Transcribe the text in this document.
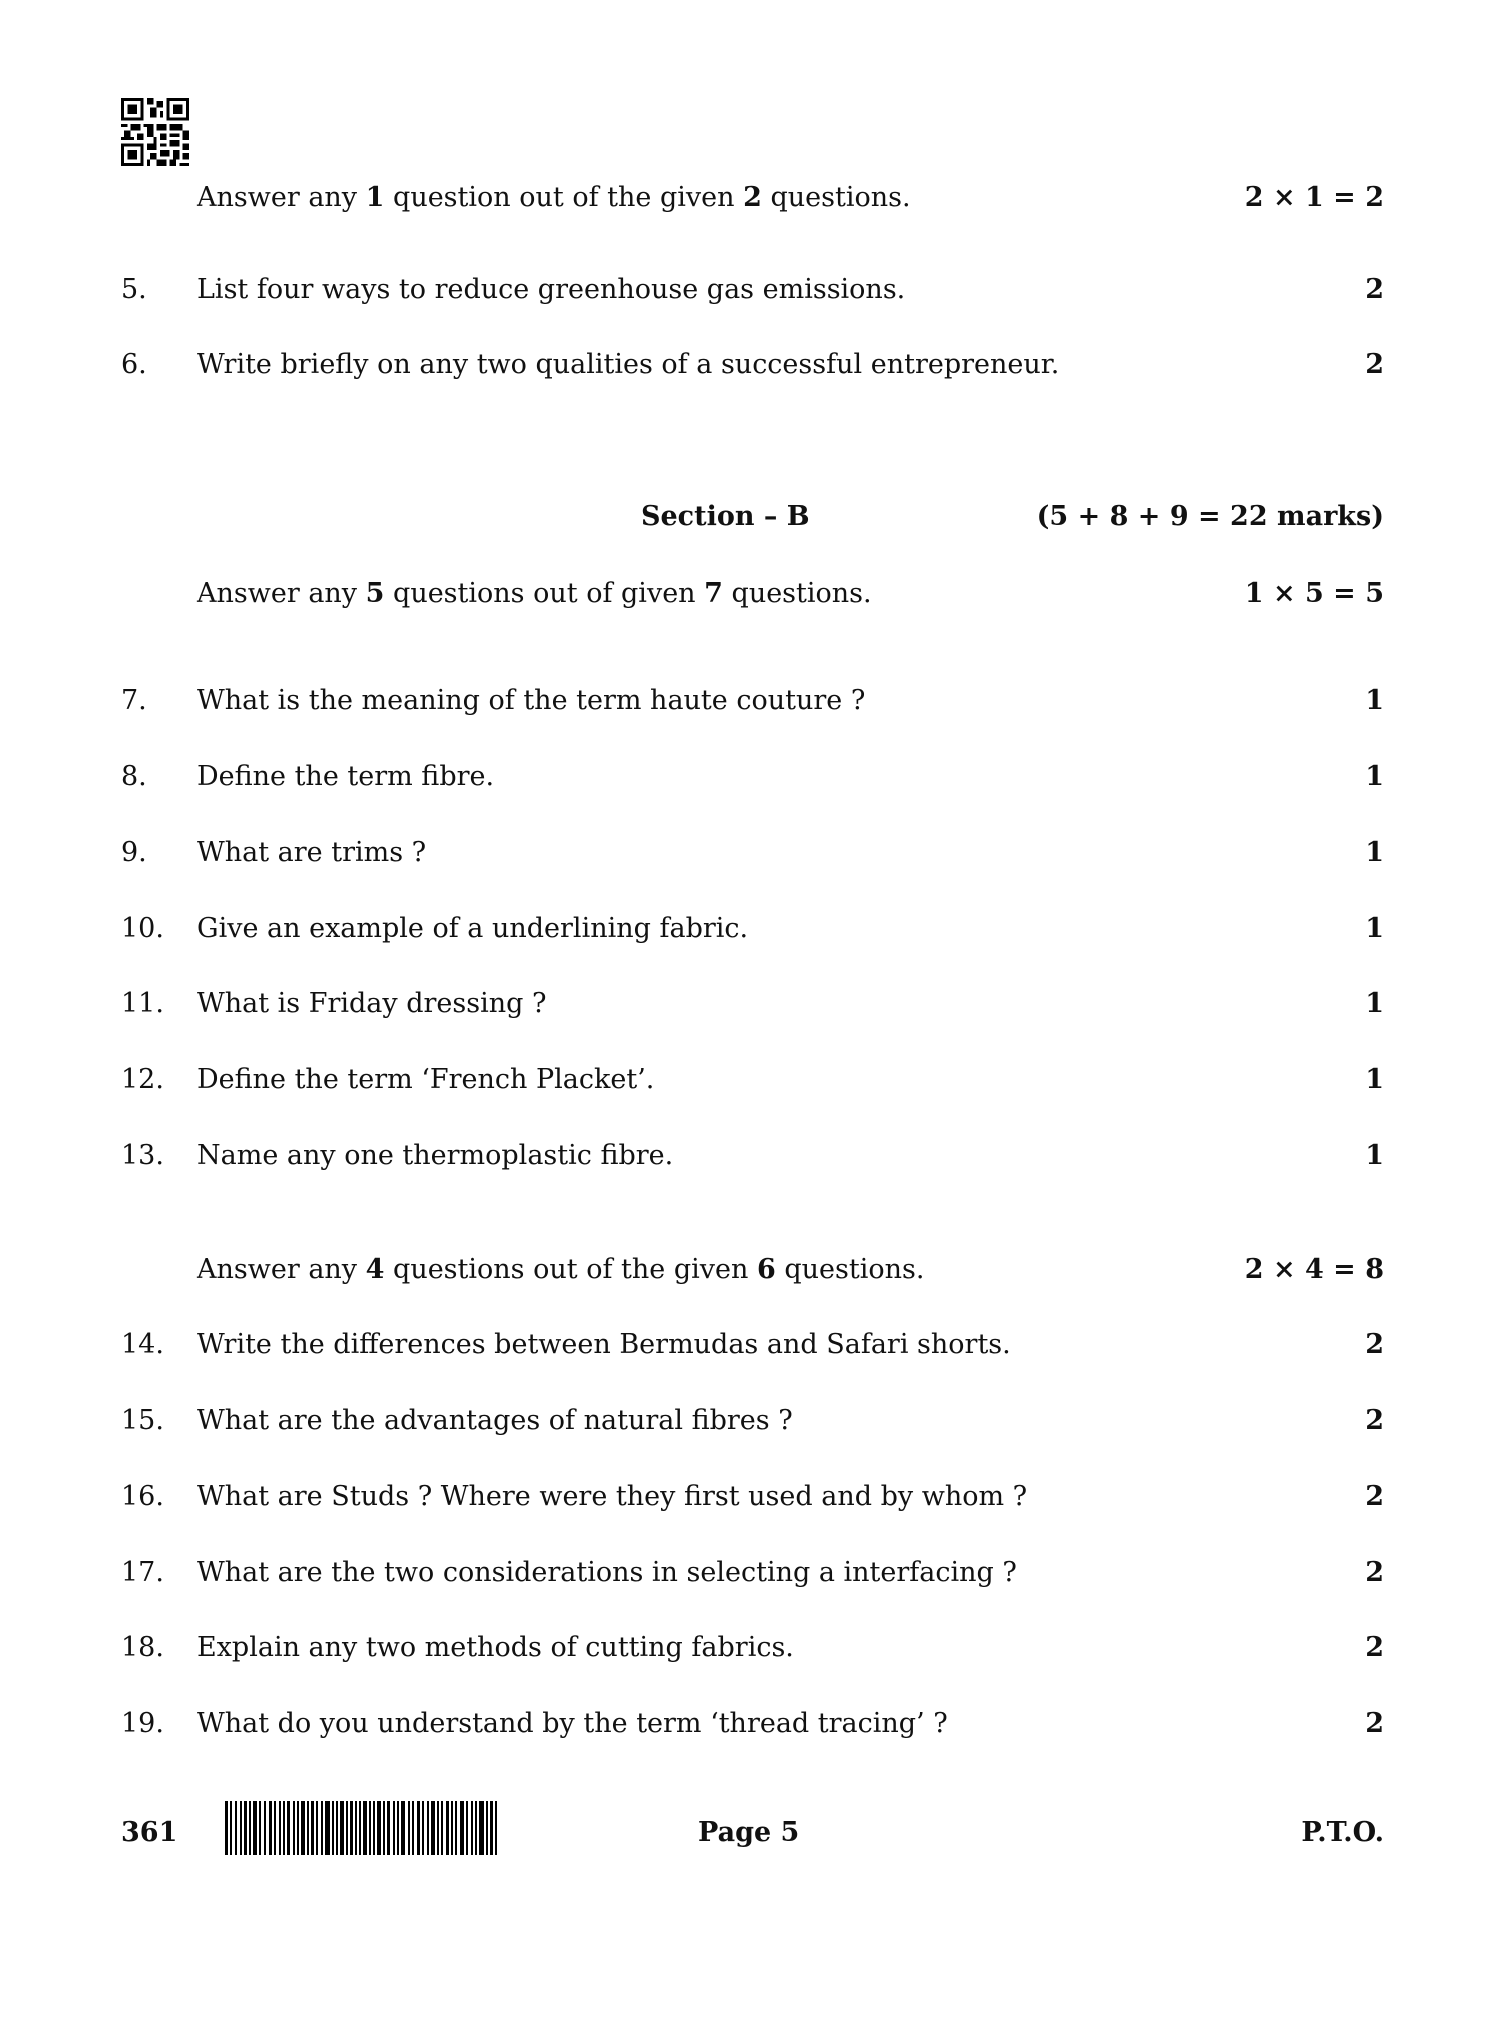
Answer any 1 question out of the given 2 questions.	2 × 1 = 2
5. List four ways to reduce greenhouse gas emissions.	2
6. Write briefly on any two qualities of a successful entrepreneur.	2
Section – B	(5 + 8 + 9 = 22 marks)
Answer any 5 questions out of given 7 questions.	1 × 5 = 5
7. What is the meaning of the term haute couture ?	1
8. Define the term fibre.	1
9. What are trims ?	1
10. Give an example of a underlining fabric.	1
11. What is Friday dressing ?	1
12. Define the term ‘French Placket’.	1
13. Name any one thermoplastic fibre.	1
Answer any 4 questions out of the given 6 questions.	2 × 4 = 8
14. Write the differences between Bermudas and Safari shorts.	2
15. What are the advantages of natural fibres ?	2
16. What are Studs ? Where were they first used and by whom ?	2
17. What are the two considerations in selecting a interfacing ?	2
18. Explain any two methods of cutting fabrics.	2
19. What do you understand by the term ‘thread tracing’ ?	2
361	Page 5	P.T.O.
